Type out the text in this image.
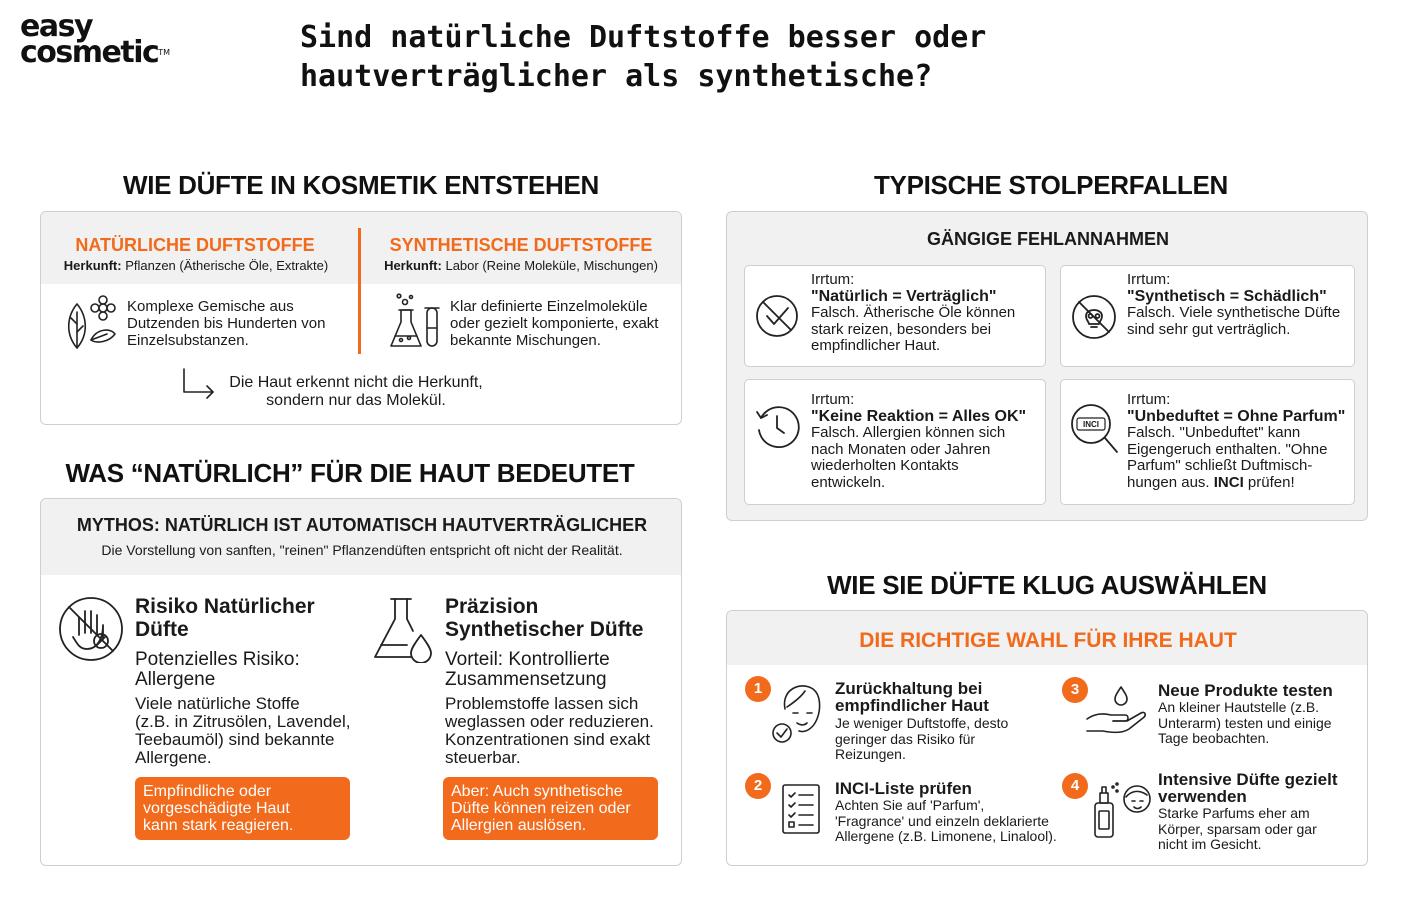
easy
cosmetic™	Sind natürliche Duftstoffe besser oder hautverträglicher als synthetische?
WIE DÜFTE IN KOSMETIK ENTSTEHEN
NATÜRLICHE DUFTSTOFFE
Herkunft: Pflanzen (Ätherische Öle, Extrakte)
SYNTHETISCHE DUFTSTOFFE
Herkunft: Labor (Reine Moleküle, Mischungen)
Komplexe Gemische aus
Dutzenden bis Hunderten von
Einzelsubstanzen.
Klar definierte Einzelmoleküle
oder gezielt komponierte, exakt
bekannte Mischungen.
Die Haut erkennt nicht die Herkunft,
sondern nur das Molekül.
WAS “NATÜRLICH” FÜR DIE HAUT BEDEUTET
MYTHOS: NATÜRLICH IST AUTOMATISCH HAUTVERTRÄGLICHER
Die Vorstellung von sanften, "reinen" Pflanzendüften entspricht oft nicht der Realität.
Risiko Natürlicher
Düfte
Potenzielles Risiko:
Allergene
Viele natürliche Stoffe
(z.B. in Zitrusölen, Lavendel,
Teebaumöl) sind bekannte
Allergene.
Empfindliche oder
vorgeschädigte Haut
kann stark reagieren.
Präzision
Synthetischer Düfte
Vorteil: Kontrollierte
Zusammensetzung
Problemstoffe lassen sich
weglassen oder reduzieren.
Konzentrationen sind exakt
steuerbar.
Aber: Auch synthetische
Düfte können reizen oder
Allergien auslösen.
TYPISCHE STOLPERFALLEN
GÄNGIGE FEHLANNAHMEN
Irrtum:
"Natürlich = Verträglich"
Falsch. Ätherische Öle können
stark reizen, besonders bei
empfindlicher Haut.
Irrtum:
"Synthetisch = Schädlich"
Falsch. Viele synthetische Düfte
sind sehr gut verträglich.
Irrtum:
"Keine Reaktion = Alles OK"
Falsch. Allergien können sich
nach Monaten oder Jahren
wiederholten Kontakts
entwickeln.
INCI
Irrtum:
"Unbeduftet = Ohne Parfum"
Falsch. "Unbeduftet" kann
Eigengeruch enthalten. "Ohne
Parfum" schließt Duftmisch-
hungen aus. INCI prüfen!
WIE SIE DÜFTE KLUG AUSWÄHLEN
DIE RICHTIGE WAHL FÜR IHRE HAUT
1	Zurückhaltung bei
empfindlicher Haut
Je weniger Duftstoffe, desto
geringer das Risiko für
Reizungen.
2	INCI-Liste prüfen
Achten Sie auf 'Parfum',
'Fragrance' und einzeln deklarierte
Allergene (z.B. Limonene, Linalool).
3	Neue Produkte testen
An kleiner Hautstelle (z.B.
Unterarm) testen und einige
Tage beobachten.
4	Intensive Düfte gezielt
verwenden
Starke Parfums eher am
Körper, sparsam oder gar
nicht im Gesicht.
